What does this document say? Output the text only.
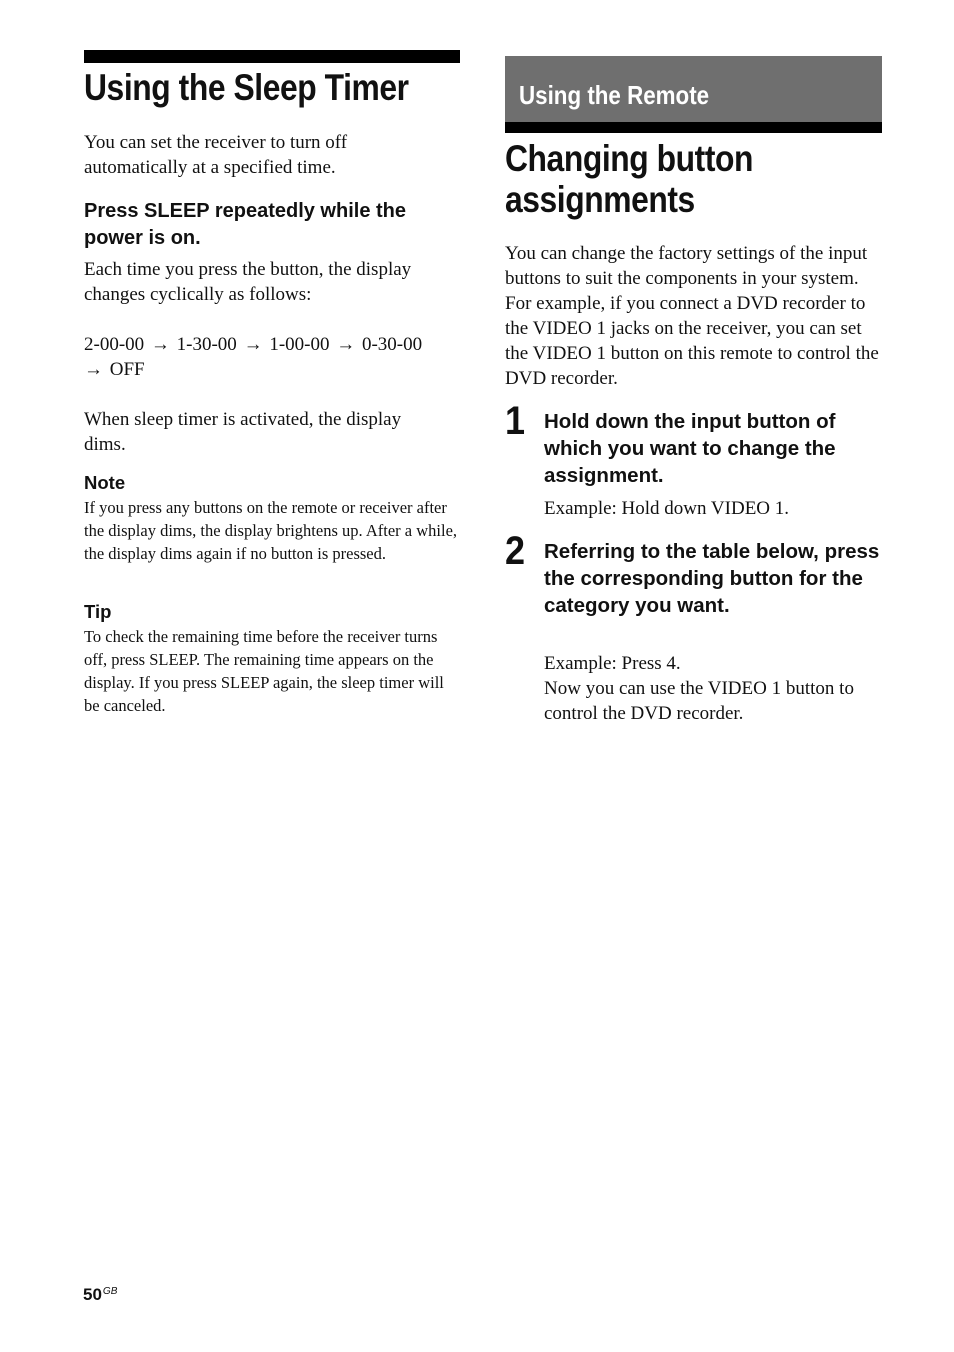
Using the Sleep Timer

You can set the receiver to turn off automatically at a specified time.

Press SLEEP repeatedly while the power is on.

Each time you press the button, the display changes cyclically as follows:

2-00-00 → 1-30-00 → 1-00-00 → 0-30-00
→ OFF

When sleep timer is activated, the display dims.

Note

If you press any buttons on the remote or receiver after the display dims, the display brightens up. After a while, the display dims again if no button is pressed.

Tip

To check the remaining time before the receiver turns off, press SLEEP. The remaining time appears on the display. If you press SLEEP again, the sleep timer will be canceled.

Using the Remote
Changing button
assignments

You can change the factory settings of the input buttons to suit the components in your system. For example, if you connect a DVD recorder to the VIDEO 1 jacks on the receiver, you can set the VIDEO 1 button on this remote to control the DVD recorder.

1 Hold down the input button of which you want to change the assignment.

Example: Hold down VIDEO 1.

2 Referring to the table below, press the corresponding button for the category you want.

Example: Press 4.

Now you can use the VIDEO 1 button to control the DVD recorder.

$50^{GB}$
